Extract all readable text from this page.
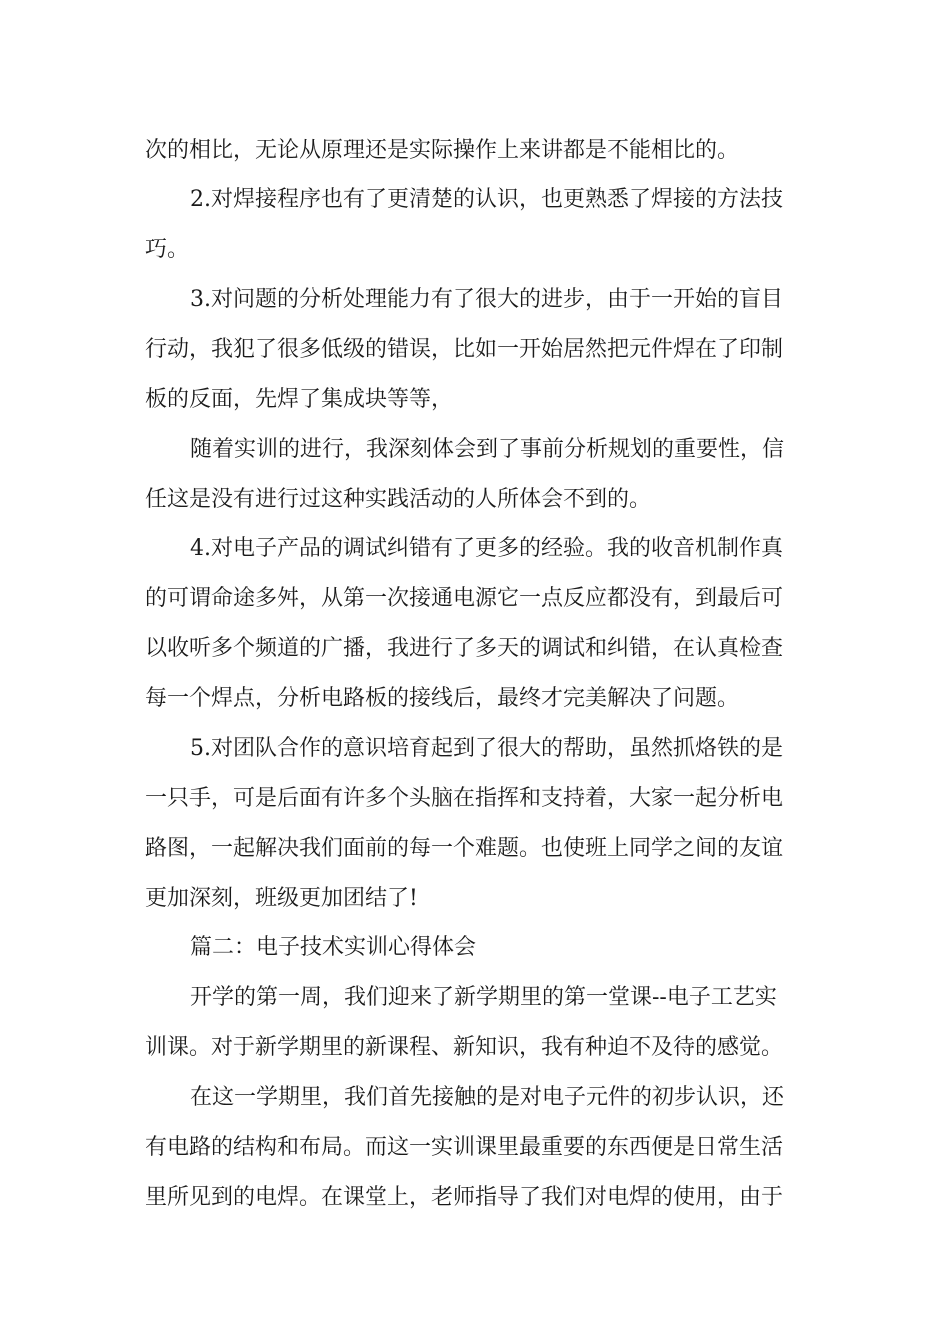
次的相比，无论从原理还是实际操作上来讲都是不能相比的。
2.对焊接程序也有了更清楚的认识，也更熟悉了焊接的方法技
巧。
3.对问题的分析处理能力有了很大的进步，由于一开始的盲目
行动，我犯了很多低级的错误，比如一开始居然把元件焊在了印制
板的反面，先焊了集成块等等，
随着实训的进行，我深刻体会到了事前分析规划的重要性，信
任这是没有进行过这种实践活动的人所体会不到的。
4.对电子产品的调试纠错有了更多的经验。我的收音机制作真
的可谓命途多舛，从第一次接通电源它一点反应都没有，到最后可
以收听多个频道的广播，我进行了多天的调试和纠错，在认真检查
每一个焊点，分析电路板的接线后，最终才完美解决了问题。
5.对团队合作的意识培育起到了很大的帮助，虽然抓烙铁的是
一只手，可是后面有许多个头脑在指挥和支持着，大家一起分析电
路图，一起解决我们面前的每一个难题。也使班上同学之间的友谊
更加深刻，班级更加团结了!
篇二：电子技术实训心得体会
开学的第一周，我们迎来了新学期里的第一堂课--电子工艺实
训课。对于新学期里的新课程、新知识，我有种迫不及待的感觉。
在这一学期里，我们首先接触的是对电子元件的初步认识，还
有电路的结构和布局。而这一实训课里最重要的东西便是日常生活
里所见到的电焊。在课堂上，老师指导了我们对电焊的使用，由于
